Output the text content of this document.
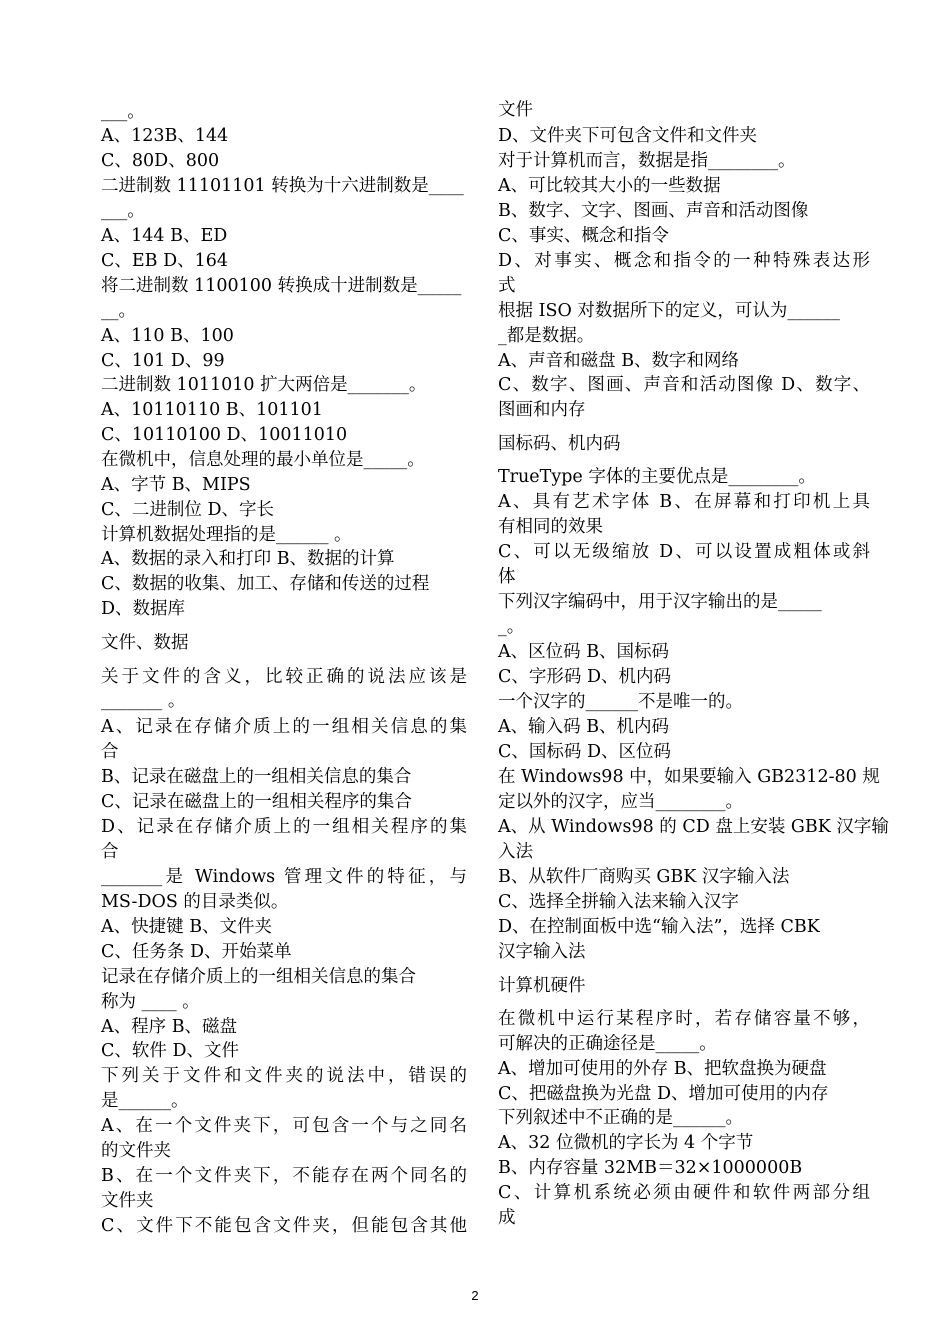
___。
A、123B、144
C、80D、800
二进制数 11101101 转换为十六进制数是____
___。
A、144 B、ED
C、EB D、164
将二进制数 1100100 转换成十进制数是_____
__。
A、110 B、100
C、101 D、99
二进制数 1011010 扩大两倍是_______。
A、10110110 B、101101
C、10110100 D、10011010
在微机中，信息处理的最小单位是_____。
A、字节 B、MIPS
C、二进制位 D、字长
计算机数据处理指的是______ 。
A、数据的录入和打印 B、数据的计算
C、数据的收集、加工、存储和传送的过程
D、数据库
文件、数据
关于文件的含义，比较正确的说法应该是
_______ 。
A、记录在存储介质上的一组相关信息的集
合
B、记录在磁盘上的一组相关信息的集合
C、记录在磁盘上的一组相关程序的集合
D、记录在存储介质上的一组相关程序的集
合
_______是 Windows 管理文件的特征，与
MS-DOS 的目录类似。
A、快捷键 B、文件夹
C、任务条 D、开始菜单
记录在存储介质上的一组相关信息的集合
称为 ____ 。
A、程序 B、磁盘
C、软件 D、文件
下列关于文件和文件夹的说法中，错误的
是______。
A、在一个文件夹下，可包含一个与之同名
的文件夹
B、在一个文件夹下，不能存在两个同名的
文件夹
C、文件下不能包含文件夹，但能包含其他
文件
D、文件夹下可包含文件和文件夹
对于计算机而言，数据是指________。
A、可比较其大小的一些数据
B、数字、文字、图画、声音和活动图像
C、事实、概念和指令
D、对事实、概念和指令的一种特殊表达形
式
根据 ISO 对数据所下的定义，可认为______
_都是数据。
A、声音和磁盘 B、数字和网络
C、数字、图画、声音和活动图像 D、数字、
图画和内存
国标码、机内码
TrueType 字体的主要优点是________。
A、具有艺术字体 B、在屏幕和打印机上具
有相同的效果
C、可以无级缩放 D、可以设置成粗体或斜
体
下列汉字编码中，用于汉字输出的是_____
_。
A、区位码 B、国标码
C、字形码 D、机内码
一个汉字的______不是唯一的。
A、输入码 B、机内码
C、国标码 D、区位码
在 Windows98 中，如果要输入 GB2312-80 规
定以外的汉字，应当________。
A、从 Windows98 的 CD 盘上安装 GBK 汉字输
入法
B、从软件厂商购买 GBK 汉字输入法
C、选择全拼输入法来输入汉字
D、在控制面板中选“输入法”，选择 CBK
汉字输入法
计算机硬件
在微机中运行某程序时，若存储容量不够，
可解决的正确途径是_____。
A、增加可使用的外存 B、把软盘换为硬盘
C、把磁盘换为光盘 D、增加可使用的内存
下列叙述中不正确的是______。
A、32 位微机的字长为 4 个字节
B、内存容量 32MB＝32×1000000B
C、计算机系统必须由硬件和软件两部分组
成
2
